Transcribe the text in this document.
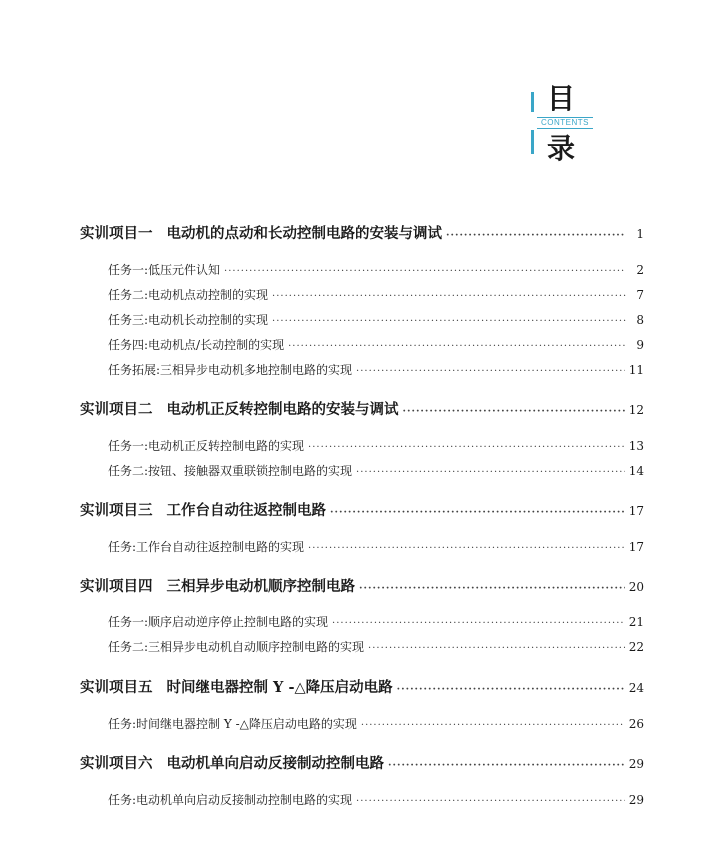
目
CONTENTS
录
实训项目一 电动机的点动和长动控制电路的安装与调试 ·····	1
任务一:低压元件认知 ·····	2
任务二:电动机点动控制的实现 ·····	7
任务三:电动机长动控制的实现 ·····	8
任务四:电动机点/长动控制的实现 ·····	9
任务拓展:三相异步电动机多地控制电路的实现 ·····	11
实训项目二 电动机正反转控制电路的安装与调试 ·····	12
任务一:电动机正反转控制电路的实现 ·····	13
任务二:按钮、接触器双重联锁控制电路的实现 ·····	14
实训项目三 工作台自动往返控制电路 ·····	17
任务:工作台自动往返控制电路的实现 ·····	17
实训项目四 三相异步电动机顺序控制电路 ·····	20
任务一:顺序启动逆序停止控制电路的实现 ·····	21
任务二:三相异步电动机自动顺序控制电路的实现 ·····	22
实训项目五 时间继电器控制 Y -△降压启动电路 ·····	24
任务:时间继电器控制 Y -△降压启动电路的实现 ·····	26
实训项目六 电动机单向启动反接制动控制电路 ·····	29
任务:电动机单向启动反接制动控制电路的实现 ·····	29
